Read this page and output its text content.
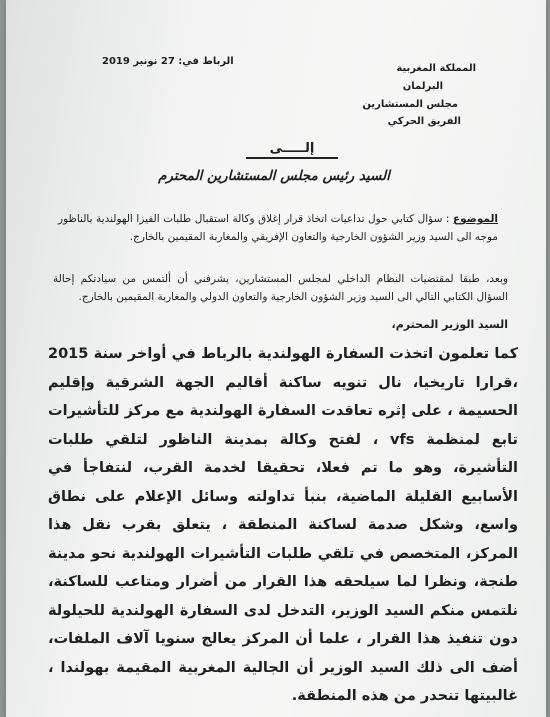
الرباط في: 27 نونبر 2019
المملكة المغربية
البرلمان
مجلس المستشارين
الفريق الحركي
إلـــــى
السيد رئيس مجلس المستشارين المحترم

الموضوع : سؤال كتابي حول تداعيات اتخاذ قرار إغلاق وكالة استقبال طلبات الفيزا الهولندية بالناظور موجه الى السيد وزير الشؤون الخارجية والتعاون الإفريقي والمغاربة المقيمين بالخارج.

وبعد، طبقا لمقتضيات النظام الداخلي لمجلس المستشارين، يشرفني أن ألتمس من سيادتكم إحالة السؤال الكتابي التالي الى السيد وزير الشؤون الخارجية والتعاون الدولي والمغاربة المقيمين بالخارج.

السيد الوزير المحترم،

كما تعلمون اتخذت السفارة الهولندية بالرباط في أواخر سنة 2015 ،قرارا تاريخيا، نال تنويه ساكنة أقاليم الجهة الشرقية وإقليم الحسيمة ، على إثره تعاقدت السفارة الهولندية مع مركز للتأشيرات تابع لمنظمة vfs ، لفتح وكالة بمدينة الناظور لتلقي طلبات التأشيرة، وهو ما تم فعلا، تحقيقا لخدمة القرب، لنتفاجأ في الأسابيع القليلة الماضية، بنبأ تداولته وسائل الإعلام على نطاق واسع، وشكل صدمة لساكنة المنطقة ، يتعلق بقرب نقل هذا المركز، المتخصص في تلقي طلبات التأشيرات الهولندية نحو مدينة طنجة، ونظرا لما سيلحقه هذا القرار من أضرار ومتاعب للساكنة، نلتمس منكم السيد الوزير، التدخل لدى السفارة الهولندية للحيلولة دون تنفيذ هذا القرار ، علما أن المركز يعالج سنويا آلاف الملفات، أضف الى ذلك السيد الوزير أن الجالية المغربية المقيمة بهولندا ، غالبيتها تنحدر من هذه المنطقة.
